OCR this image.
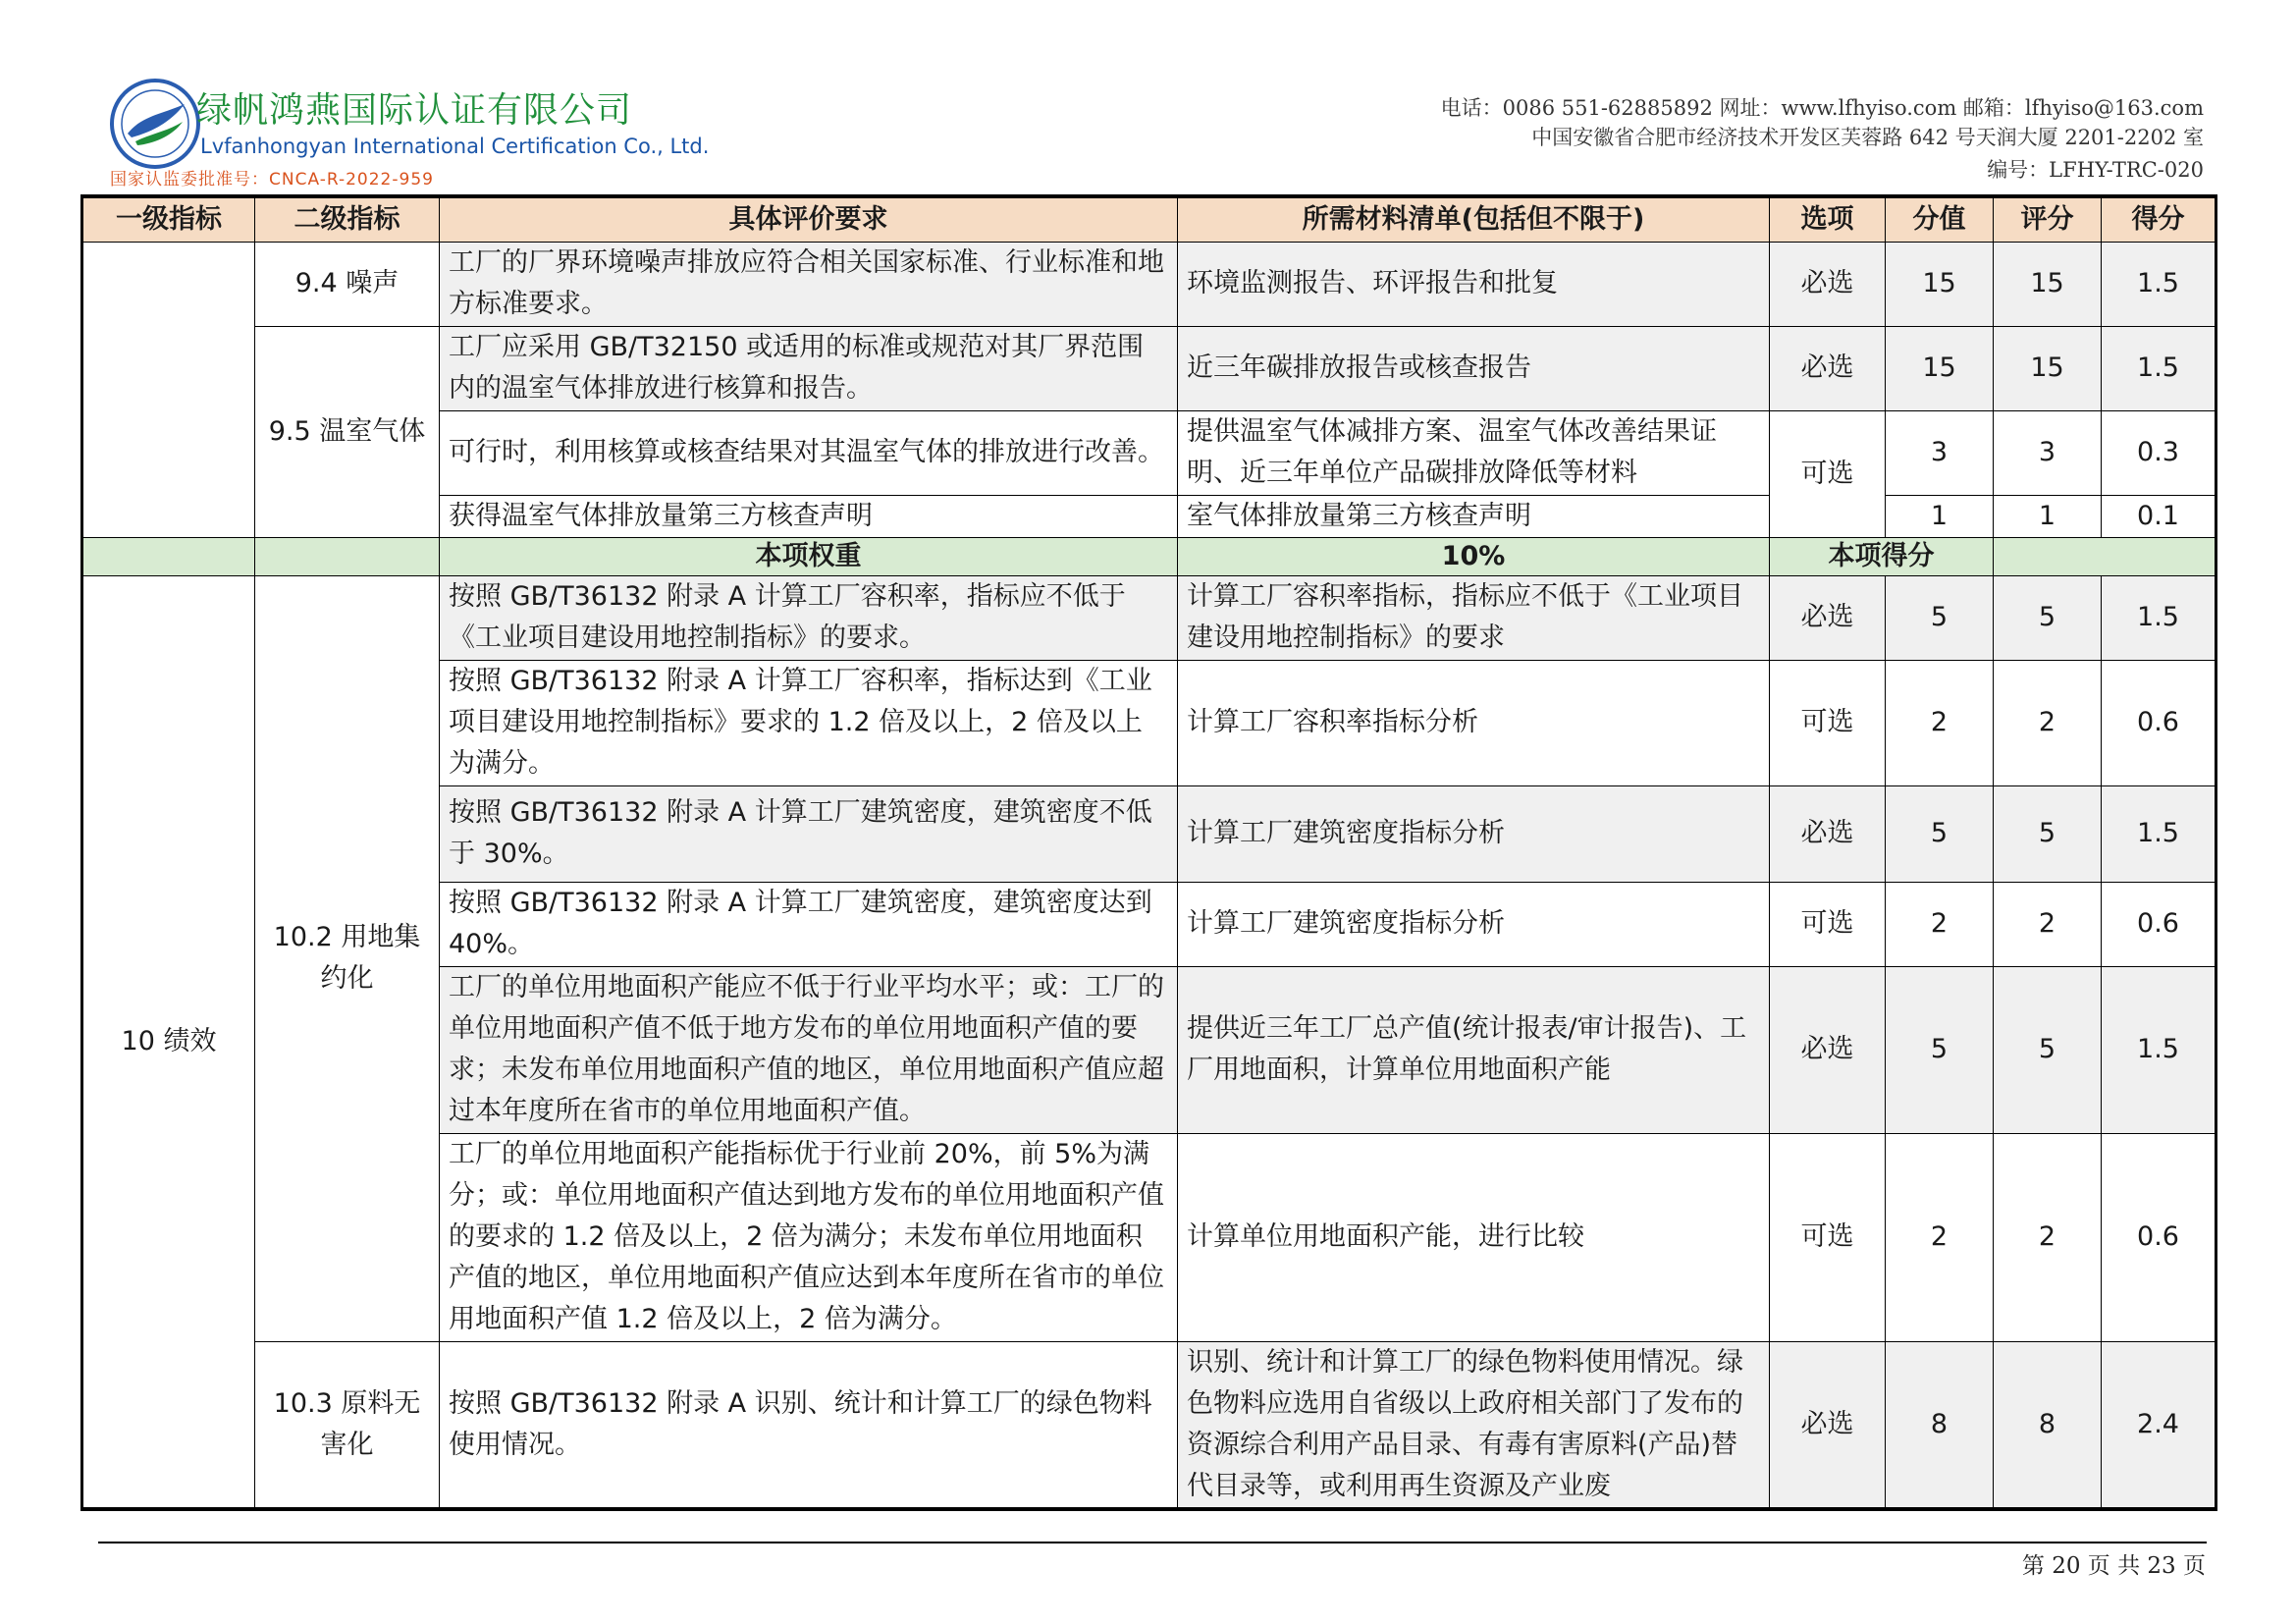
绿帆鸿燕国际认证有限公司
Lvfanhongyan International Certification Co., Ltd.
国家认监委批准号：CNCA-R-2022-959
电话：0086 551-62885892 网址：www.lfhyiso.com 邮箱：lfhyiso@163.com
中国安徽省合肥市经济技术开发区芙蓉路 642 号天润大厦 2201-2202 室
编号：LFHY-TRC-020
一级指标	二级指标	具体评价要求	所需材料清单(包括但不限于)	选项	分值	评分	得分
	9.4 噪声	工厂的厂界环境噪声排放应符合相关国家标准、行业标准和地方标准要求。	环境监测报告、环评报告和批复	必选	15	15	1.5
	9.5 温室气体	工厂应采用 GB/T32150 或适用的标准或规范对其厂界范围内的温室气体排放进行核算和报告。	近三年碳排放报告或核查报告	必选	15	15	1.5
		可行时，利用核算或核查结果对其温室气体的排放进行改善。	提供温室气体减排方案、温室气体改善结果证明、近三年单位产品碳排放降低等材料	可选	3	3	0.3
		获得温室气体排放量第三方核查声明	室气体排放量第三方核查声明		1	1	0.1
		本项权重	10%	本项得分			
10 绩效	10.2 用地集约化	按照 GB/T36132 附录 A 计算工厂容积率，指标应不低于《工业项目建设用地控制指标》的要求。	计算工厂容积率指标，指标应不低于《工业项目建设用地控制指标》的要求	必选	5	5	1.5
		按照 GB/T36132 附录 A 计算工厂容积率，指标达到《工业项目建设用地控制指标》要求的 1.2 倍及以上，2 倍及以上为满分。	计算工厂容积率指标分析	可选	2	2	0.6
		按照 GB/T36132 附录 A 计算工厂建筑密度，建筑密度不低于 30%。	计算工厂建筑密度指标分析	必选	5	5	1.5
		按照 GB/T36132 附录 A 计算工厂建筑密度，建筑密度达到 40%。	计算工厂建筑密度指标分析	可选	2	2	0.6
		工厂的单位用地面积产能应不低于行业平均水平；或：工厂的单位用地面积产值不低于地方发布的单位用地面积产值的要求；未发布单位用地面积产值的地区，单位用地面积产值应超过本年度所在省市的单位用地面积产值。	提供近三年工厂总产值(统计报表/审计报告)、工厂用地面积，计算单位用地面积产能	必选	5	5	1.5
		工厂的单位用地面积产能指标优于行业前 20%，前 5%为满分；或：单位用地面积产值达到地方发布的单位用地面积产值的要求的 1.2 倍及以上，2 倍为满分；未发布单位用地面积产值的地区，单位用地面积产值应达到本年度所在省市的单位用地面积产值 1.2 倍及以上，2 倍为满分。	计算单位用地面积产能，进行比较	可选	2	2	0.6
	10.3 原料无害化	按照 GB/T36132 附录 A 识别、统计和计算工厂的绿色物料使用情况。	识别、统计和计算工厂的绿色物料使用情况。绿色物料应选用自省级以上政府相关部门了发布的资源综合利用产品目录、有毒有害原料(产品)替代目录等，或利用再生资源及产业废	必选	8	8	2.4
第 20 页 共 23 页
